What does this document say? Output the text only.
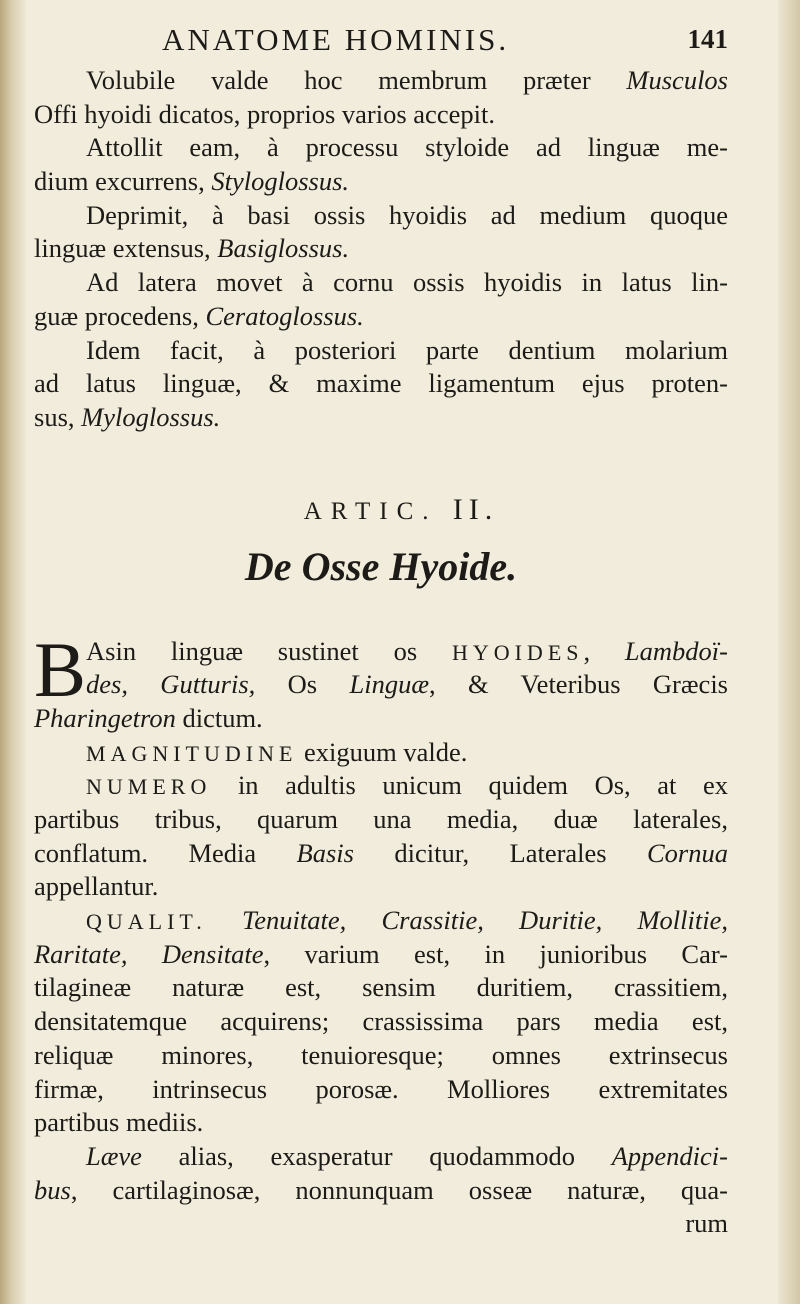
ANATOME HOMINIS.	141
Volubile valde hoc membrum præter Musculos
Offi hyoidi dicatos, proprios varios accepit.
Attollit eam, à processu styloide ad linguæ me-
dium excurrens, Styloglossus.
Deprimit, à basi ossis hyoidis ad medium quoque
linguæ extensus, Basiglossus.
Ad latera movet à cornu ossis hyoidis in latus lin-
guæ procedens, Ceratoglossus.
Idem facit, à posteriori parte dentium molarium
ad latus linguæ, & maxime ligamentum ejus proten-
sus, Myloglossus.
ARTIC. II.
De Osse Hyoide.
B Asin linguæ sustinet os HYOIDES, Lambdoï-
des, Gutturis, Os Linguæ, & Veteribus Græcis
Pharingetron dictum.
MAGNITUDINE exiguum valde.
NUMERO in adultis unicum quidem Os, at ex
partibus tribus, quarum una media, duæ laterales,
conflatum. Media Basis dicitur, Laterales Cornua
appellantur.
QUALIT. Tenuitate, Crassitie, Duritie, Mollitie,
Raritate, Densitate, varium est, in junioribus Car-
tilagineæ naturæ est, sensim duritiem, crassitiem,
densitatemque acquirens; crassissima pars media est,
reliquæ minores, tenuioresque; omnes extrinsecus
firmæ, intrinsecus porosæ. Molliores extremitates
partibus mediis.
Læve alias, exasperatur quodammodo Appendici-
bus, cartilaginosæ, nonnunquam osseæ naturæ, qua-
rum
